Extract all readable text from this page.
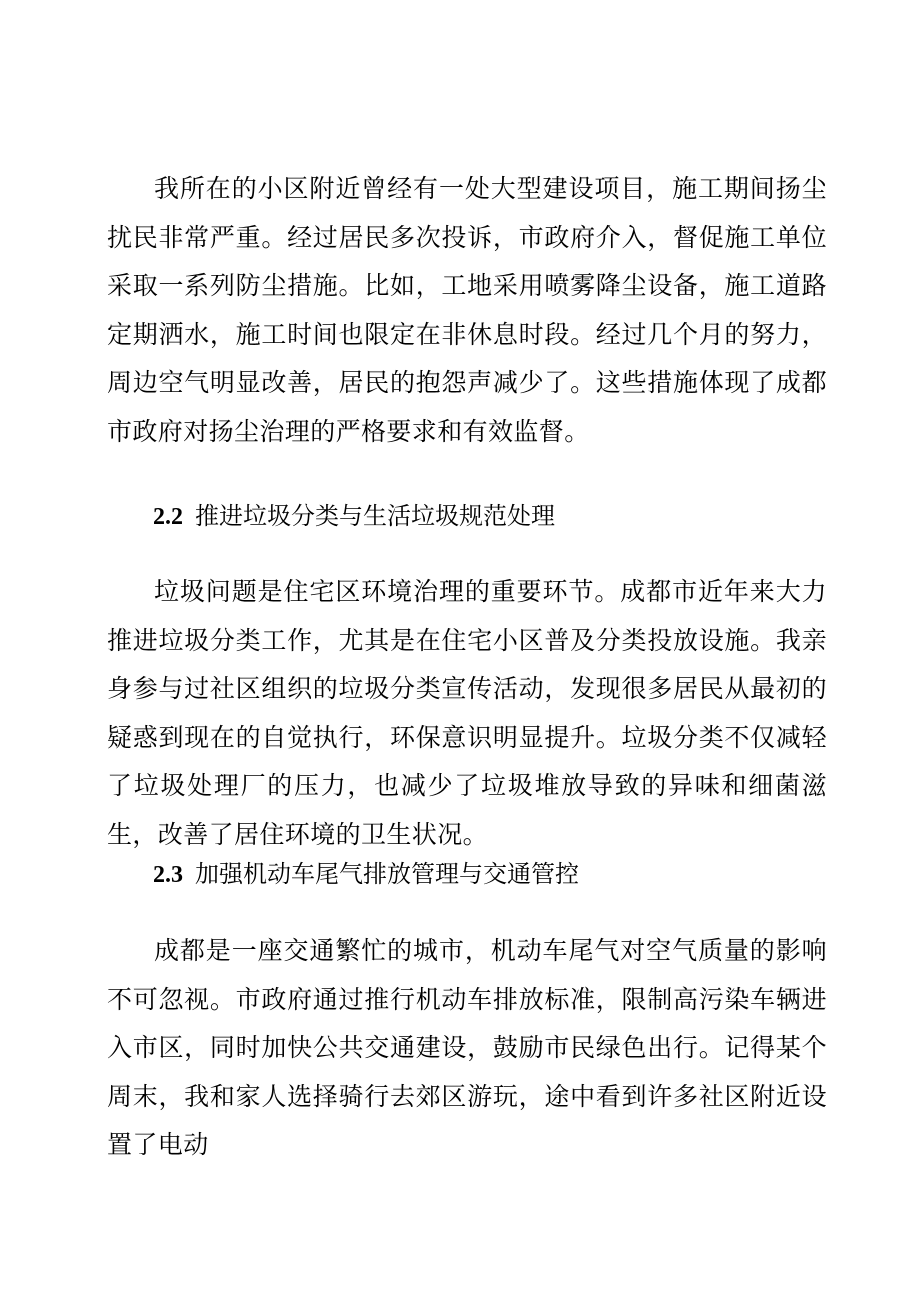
我所在的小区附近曾经有一处大型建设项目，施工期间扬尘扰民非常严重。经过居民多次投诉，市政府介入，督促施工单位采取一系列防尘措施。比如，工地采用喷雾降尘设备，施工道路定期洒水，施工时间也限定在非休息时段。经过几个月的努力，周边空气明显改善，居民的抱怨声减少了。这些措施体现了成都市政府对扬尘治理的严格要求和有效监督。

2.2 推进垃圾分类与生活垃圾规范处理

垃圾问题是住宅区环境治理的重要环节。成都市近年来大力推进垃圾分类工作，尤其是在住宅小区普及分类投放设施。我亲身参与过社区组织的垃圾分类宣传活动，发现很多居民从最初的疑惑到现在的自觉执行，环保意识明显提升。垃圾分类不仅减轻了垃圾处理厂的压力，也减少了垃圾堆放导致的异味和细菌滋生，改善了居住环境的卫生状况。

2.3 加强机动车尾气排放管理与交通管控

成都是一座交通繁忙的城市，机动车尾气对空气质量的影响不可忽视。市政府通过推行机动车排放标准，限制高污染车辆进入市区，同时加快公共交通建设，鼓励市民绿色出行。记得某个周末，我和家人选择骑行去郊区游玩，途中看到许多社区附近设置了电动
